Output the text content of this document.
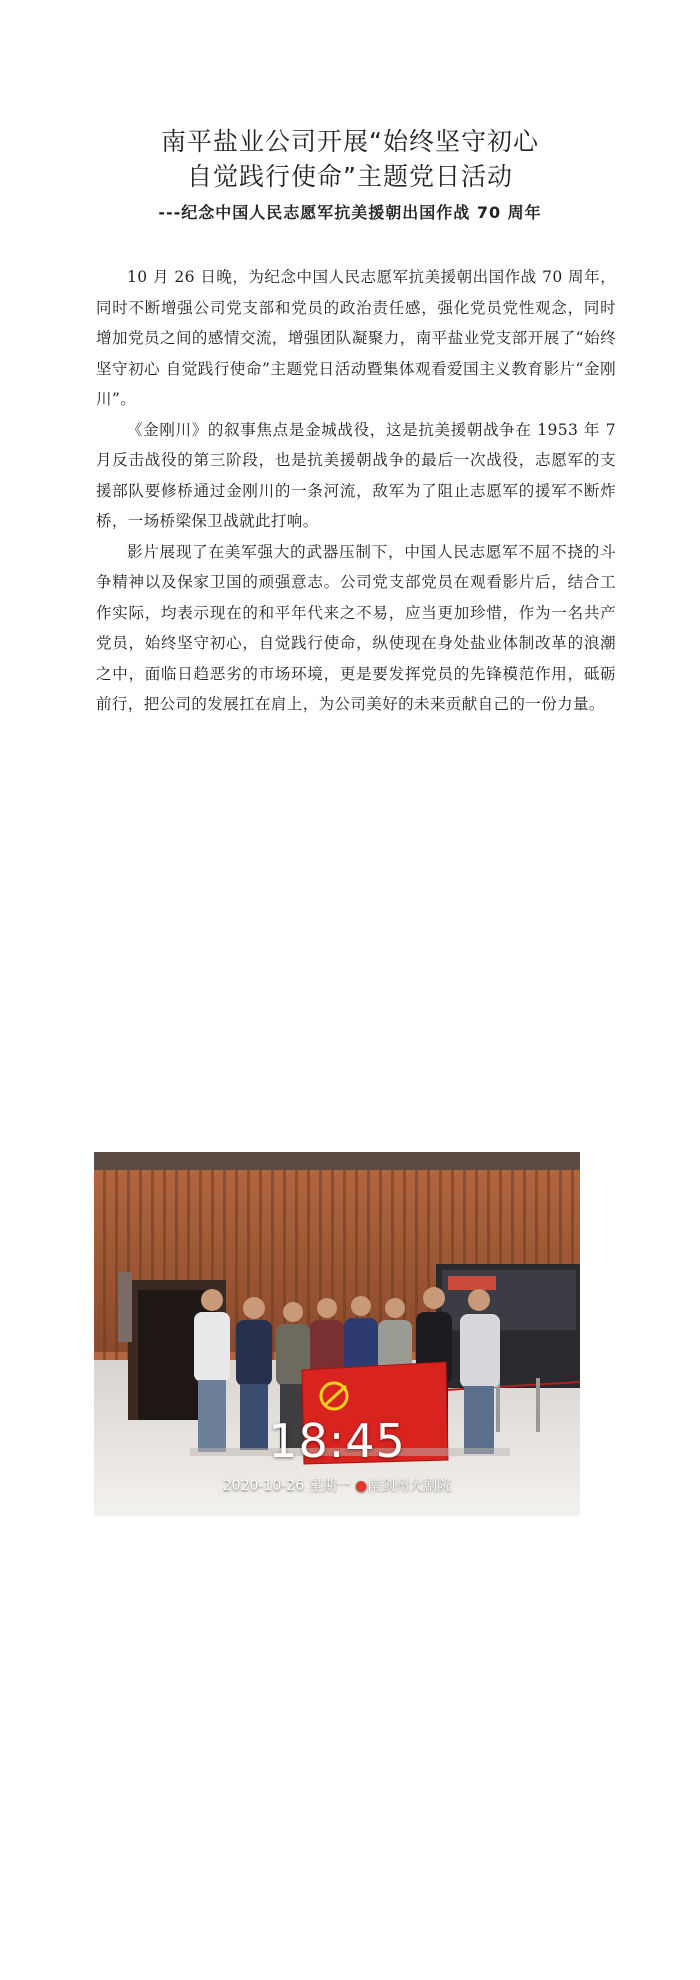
南平盐业公司开展“始终坚守初心
自觉践行使命”主题党日活动
---纪念中国人民志愿军抗美援朝出国作战 70 周年

10 月 26 日晚，为纪念中国人民志愿军抗美援朝出国作战 70 周年，同时不断增强公司党支部和党员的政治责任感，强化党员党性观念，同时增加党员之间的感情交流，增强团队凝聚力，南平盐业党支部开展了“始终坚守初心 自觉践行使命”主题党日活动暨集体观看爱国主义教育影片“金刚川”。

《金刚川》的叙事焦点是金城战役，这是抗美援朝战争在 1953 年 7 月反击战役的第三阶段，也是抗美援朝战争的最后一次战役，志愿军的支援部队要修桥通过金刚川的一条河流，敌军为了阻止志愿军的援军不断炸桥，一场桥梁保卫战就此打响。

影片展现了在美军强大的武器压制下，中国人民志愿军不屈不挠的斗争精神以及保家卫国的顽强意志。公司党支部党员在观看影片后，结合工作实际，均表示现在的和平年代来之不易，应当更加珍惜，作为一名共产党员，始终坚守初心，自觉践行使命，纵使现在身处盐业体制改革的浪潮之中，面临日趋恶劣的市场环境，更是要发挥党员的先锋模范作用，砥砺前行，把公司的发展扛在肩上，为公司美好的未来贡献自己的一份力量。

18:45
2020-10-26 星期一 ●南剑州大剧院
